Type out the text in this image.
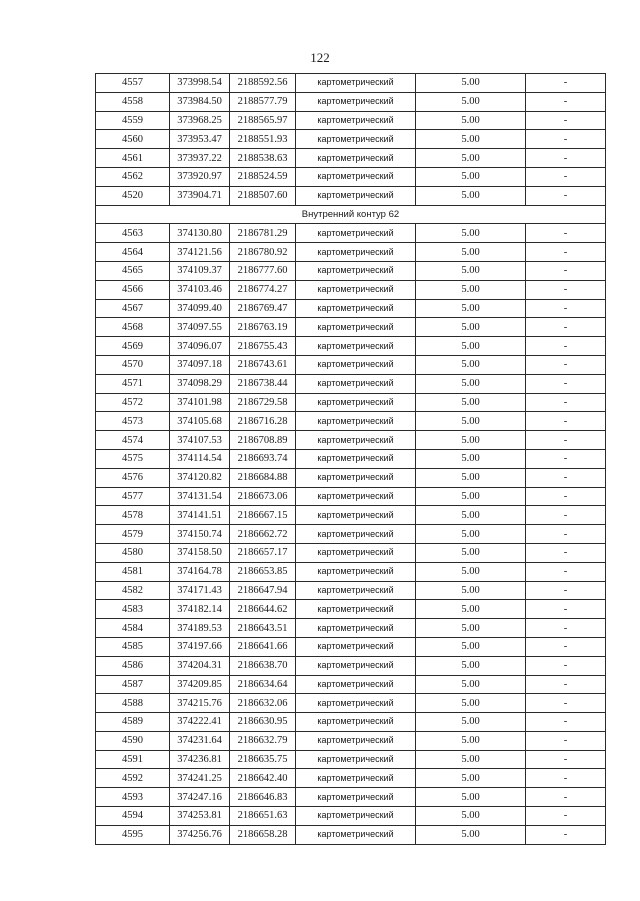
122
4557	373998.54	2188592.56	картометрический	5.00	-
4558	373984.50	2188577.79	картометрический	5.00	-
4559	373968.25	2188565.97	картометрический	5.00	-
4560	373953.47	2188551.93	картометрический	5.00	-
4561	373937.22	2188538.63	картометрический	5.00	-
4562	373920.97	2188524.59	картометрический	5.00	-
4520	373904.71	2188507.60	картометрический	5.00	-
Внутренний контур 62					
4563	374130.80	2186781.29	картометрический	5.00	-
4564	374121.56	2186780.92	картометрический	5.00	-
4565	374109.37	2186777.60	картометрический	5.00	-
4566	374103.46	2186774.27	картометрический	5.00	-
4567	374099.40	2186769.47	картометрический	5.00	-
4568	374097.55	2186763.19	картометрический	5.00	-
4569	374096.07	2186755.43	картометрический	5.00	-
4570	374097.18	2186743.61	картометрический	5.00	-
4571	374098.29	2186738.44	картометрический	5.00	-
4572	374101.98	2186729.58	картометрический	5.00	-
4573	374105.68	2186716.28	картометрический	5.00	-
4574	374107.53	2186708.89	картометрический	5.00	-
4575	374114.54	2186693.74	картометрический	5.00	-
4576	374120.82	2186684.88	картометрический	5.00	-
4577	374131.54	2186673.06	картометрический	5.00	-
4578	374141.51	2186667.15	картометрический	5.00	-
4579	374150.74	2186662.72	картометрический	5.00	-
4580	374158.50	2186657.17	картометрический	5.00	-
4581	374164.78	2186653.85	картометрический	5.00	-
4582	374171.43	2186647.94	картометрический	5.00	-
4583	374182.14	2186644.62	картометрический	5.00	-
4584	374189.53	2186643.51	картометрический	5.00	-
4585	374197.66	2186641.66	картометрический	5.00	-
4586	374204.31	2186638.70	картометрический	5.00	-
4587	374209.85	2186634.64	картометрический	5.00	-
4588	374215.76	2186632.06	картометрический	5.00	-
4589	374222.41	2186630.95	картометрический	5.00	-
4590	374231.64	2186632.79	картометрический	5.00	-
4591	374236.81	2186635.75	картометрический	5.00	-
4592	374241.25	2186642.40	картометрический	5.00	-
4593	374247.16	2186646.83	картометрический	5.00	-
4594	374253.81	2186651.63	картометрический	5.00	-
4595	374256.76	2186658.28	картометрический	5.00	-
